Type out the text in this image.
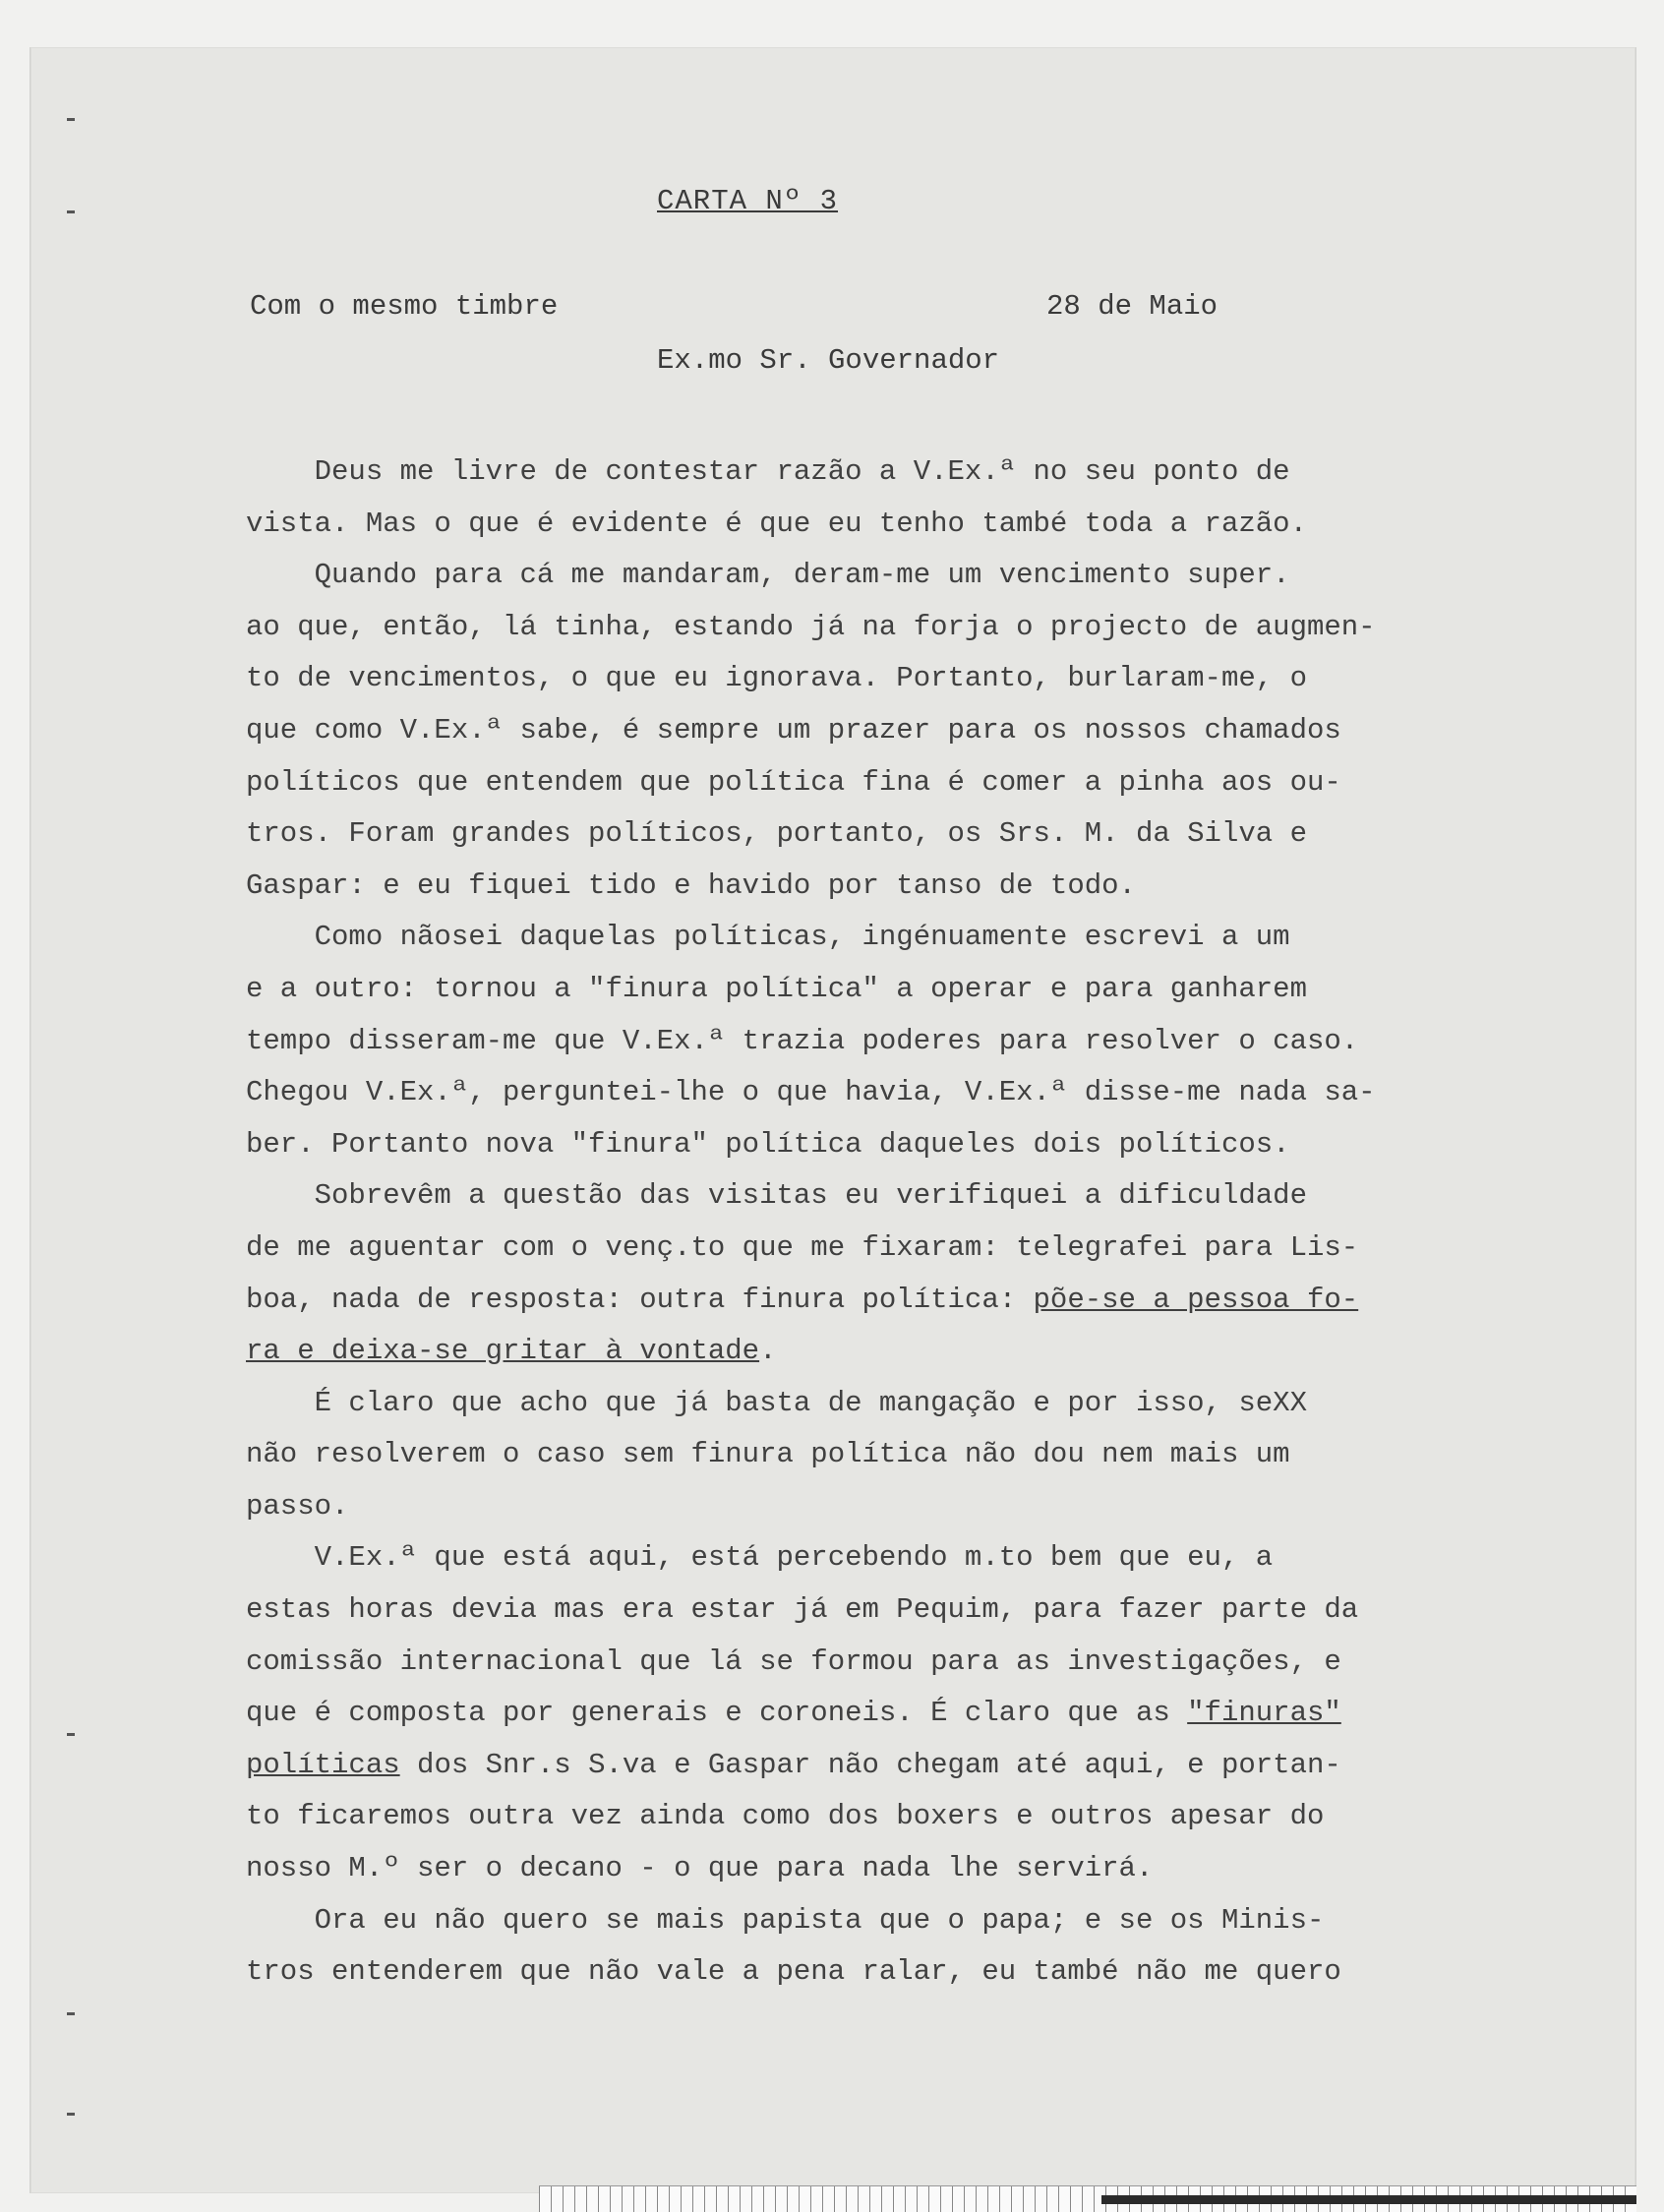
CARTA Nº 3
Com o mesmo timbre	28 de Maio
Ex.mo Sr. Governador
Deus me livre de contestar razão a V.Ex.ª no seu ponto de
vista. Mas o que é evidente é que eu tenho també toda a razão.
Quando para cá me mandaram, deram-me um vencimento super.
ao que, então, lá tinha, estando já na forja o projecto de augmen-
to de vencimentos, o que eu ignorava. Portanto, burlaram-me, o
que como V.Ex.ª sabe, é sempre um prazer para os nossos chamados
políticos que entendem que política fina é comer a pinha aos ou-
tros. Foram grandes políticos, portanto, os Srs. M. da Silva e
Gaspar: e eu fiquei tido e havido por tanso de todo.
Como nãosei daquelas políticas, ingénuamente escrevi a um
e a outro: tornou a "finura política" a operar e para ganharem
tempo disseram-me que V.Ex.ª trazia poderes para resolver o caso.
Chegou V.Ex.ª, perguntei-lhe o que havia, V.Ex.ª disse-me nada sa-
ber. Portanto nova "finura" política daqueles dois políticos.
Sobrevêm a questão das visitas eu verifiquei a dificuldade
de me aguentar com o venç.to que me fixaram: telegrafei para Lis-
boa, nada de resposta: outra finura política: põe-se a pessoa fo-
ra e deixa-se gritar à vontade.
É claro que acho que já basta de mangação e por isso, seXX
não resolverem o caso sem finura política não dou nem mais um
passo.
V.Ex.ª que está aqui, está percebendo m.to bem que eu, a
estas horas devia mas era estar já em Pequim, para fazer parte da
comissão internacional que lá se formou para as investigações, e
que é composta por generais e coroneis. É claro que as "finuras"
políticas dos Snr.s S.va e Gaspar não chegam até aqui, e portan-
to ficaremos outra vez ainda como dos boxers e outros apesar do
nosso M.º ser o decano - o que para nada lhe servirá.
Ora eu não quero se mais papista que o papa; e se os Minis-
tros entenderem que não vale a pena ralar, eu també não me quero
